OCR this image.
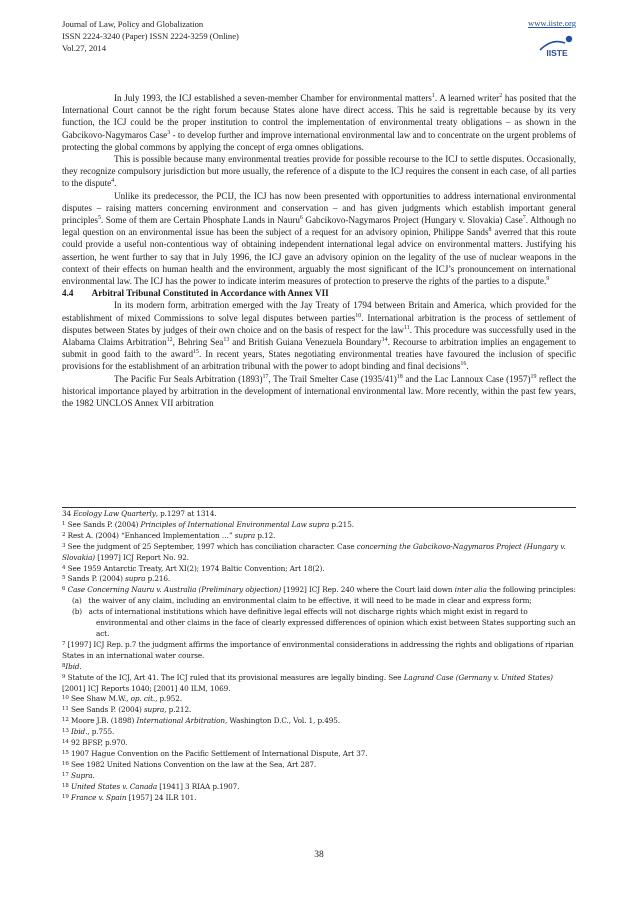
Journal of Law, Policy and Globalization
ISSN 2224-3240 (Paper) ISSN 2224-3259 (Online)
Vol.27, 2014
www.iiste.org
IISTE

In July 1993, the ICJ established a seven-member Chamber for environmental matters$^1$. A learned writer$^2$ has posited that the International Court cannot be the right forum because States alone have direct access. This he said is regrettable because by its very function, the ICJ could be the proper institution to control the implementation of environmental treaty obligations – as shown in the Gabcikovo-Nagymaros Case$^3$ - to develop further and improve international environmental law and to concentrate on the urgent problems of protecting the global commons by applying the concept of erga omnes obligations.

This is possible because many environmental treaties provide for possible recourse to the ICJ to settle disputes. Occasionally, they recognize compulsory jurisdiction but more usually, the reference of a dispute to the ICJ requires the consent in each case, of all parties to the dispute$^4$.

Unlike its predecessor, the PCIJ, the ICJ has now been presented with opportunities to address international environmental disputes – raising matters concerning environment and conservation – and has given judgments which establish important general principles$^5$. Some of them are Certain Phosphate Lands in Nauru$^6$ Gabcikovo-Nagymaros Project (Hungary v. Slovakia) Case$^7$. Although no legal question on an environmental issue has been the subject of a request for an advisory opinion, Philippe Sands$^8$ averred that this route could provide a useful non-contentious way of obtaining independent international legal advice on environmental matters. Justifying his assertion, he went further to say that in July 1996, the ICJ gave an advisory opinion on the legality of the use of nuclear weapons in the context of their effects on human health and the environment, arguably the most significant of the ICJ’s pronouncement on international environmental law. The ICJ has the power to indicate interim measures of protection to preserve the rights of the parties to a dispute.$^9$

4.4        Arbitral Tribunal Constituted in Accordance with Annex VII

In its modern form, arbitration emerged with the Jay Treaty of 1794 between Britain and America, which provided for the establishment of mixed Commissions to solve legal disputes between parties$^{10}$. International arbitration is the process of settlement of disputes between States by judges of their own choice and on the basis of respect for the law$^{11}$. This procedure was successfully used in the Alabama Claims Arbitration$^{12}$, Behring Sea$^{13}$ and British Guiana Venezuela Boundary$^{14}$. Recourse to arbitration implies an engagement to submit in good faith to the award$^{15}$. In recent years, States negotiating environmental treaties have favoured the inclusion of specific provisions for the establishment of an arbitration tribunal with the power to adopt binding and final decisions$^{16}$.

The Pacific Fur Seals Arbitration $(1893)^{17}$, The Trail Smelter Case $(1935/41)^{18}$ and the Lac Lannoux Case $(1957)^{19}$ reflect the historical importance played by arbitration in the development of international environmental law. More recently, within the past few years, the 1982 UNCLOS Annex VII arbitration

34 Ecology Law Quarterly, p.1297 at 1314.

$^1$ See Sands P. (2004) Principles of International Environmental Law supra p.215.

$^2$ Rest A. (2004) “Enhanced Implementation …” supra p.12.

$^3$ See the judgment of 25 September, 1997 which has conciliation character. Case concerning the Gabcikovo-Nagymaros Project (Hungary v. Slovakia) [1997] ICJ Report No. 92.

$^4$ See 1959 Antarctic Treaty, Art XI(2); 1974 Baltic Convention; Art 18(2).

$^5$ Sands P. (2004) supra p.216.

$^6$ Case Concerning Nauru v. Australia (Preliminary objection) [1992] ICJ Rep. 240 where the Court laid down inter alia the following principles:

(a)   the waiver of any claim, including an environmental claim to be effective, it will need to be made in clear and express form;

(b)   acts of international institutions which have definitive legal effects will not discharge rights which might exist in regard to environmental and other claims in the face of clearly expressed differences of opinion which exist between States supporting such an act.

$^7$ [1997] ICJ Rep. p.7 the judgment affirms the importance of environmental considerations in addressing the rights and obligations of riparian States in an international water course.

$^8$Ibid.

$^9$ Statute of the ICJ, Art 41. The ICJ ruled that its provisional measures are legally binding. See Lagrand Case (Germany v. United States) [2001] ICJ Reports 1040; [2001] 40 ILM, 1069.

$^{10}$ See Shaw M.W., op. cit., p.952.

$^{11}$ See Sands P. (2004) supra, p.212.

$^{12}$ Moore J.B. (1898) International Arbitration, Washington D.C., Vol. 1, p.495.

$^{13}$ Ibid., p.755.

$^{14}$ 92 BFSP, p.970.

$^{15}$ 1907 Hague Convention on the Pacific Settlement of International Dispute, Art 37.

$^{16}$ See 1982 United Nations Convention on the law at the Sea, Art 287.

$^{17}$ Supra.

$^{18}$ United States v. Canada [1941] 3 RIAA p.1907.

$^{19}$ France v. Spain [1957] 24 ILR 101.

38
